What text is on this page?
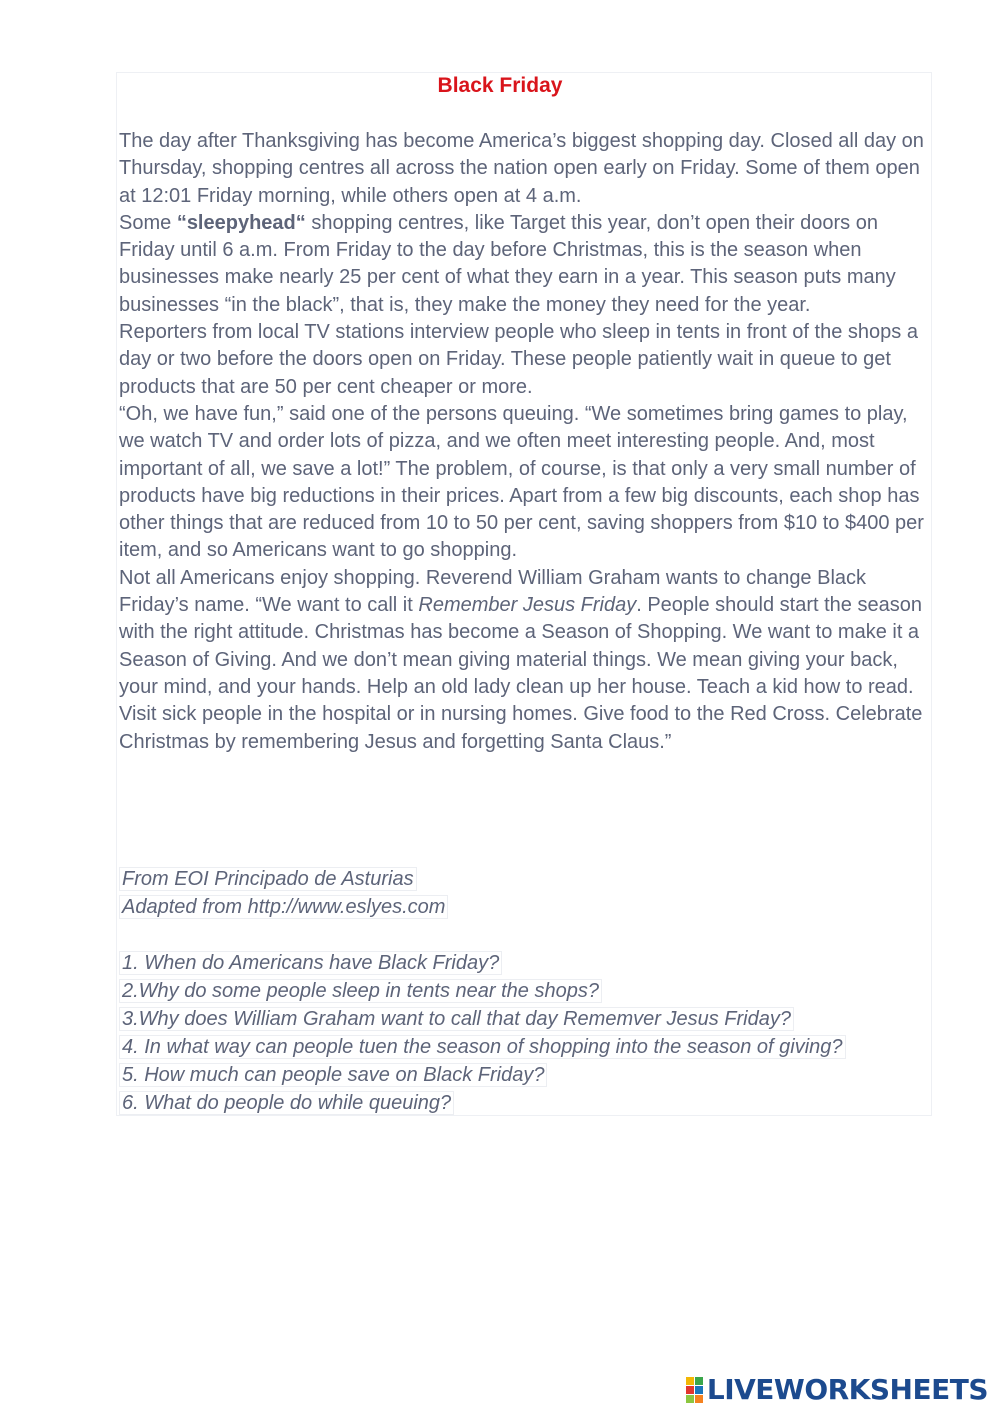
Black Friday

The day after Thanksgiving has become America’s biggest shopping day. Closed all day on Thursday, shopping centres all across the nation open early on Friday. Some of them open at 12:01 Friday morning, while others open at 4 a.m.

Some “sleepyhead“ shopping centres, like Target this year, don’t open their doors on Friday until 6 a.m. From Friday to the day before Christmas, this is the season when businesses make nearly 25 per cent of what they earn in a year. This season puts many businesses “in the black”, that is, they make the money they need for the year.

Reporters from local TV stations interview people who sleep in tents in front of the shops a day or two before the doors open on Friday. These people patiently wait in queue to get products that are 50 per cent cheaper or more.

“Oh, we have fun,” said one of the persons queuing. “We sometimes bring games to play, we watch TV and order lots of pizza, and we often meet interesting people. And, most important of all, we save a lot!” The problem, of course, is that only a very small number of products have big reductions in their prices. Apart from a few big discounts, each shop has other things that are reduced from 10 to 50 per cent, saving shoppers from $10 to $400 per item, and so Americans want to go shopping.

Not all Americans enjoy shopping. Reverend William Graham wants to change Black Friday’s name. “We want to call it Remember Jesus Friday. People should start the season with the right attitude. Christmas has become a Season of Shopping. We want to make it a Season of Giving. And we don’t mean giving material things. We mean giving your back, your mind, and your hands. Help an old lady clean up her house. Teach a kid how to read. Visit sick people in the hospital or in nursing homes. Give food to the Red Cross. Celebrate Christmas by remembering Jesus and forgetting Santa Claus.”

From EOI Principado de Asturias
Adapted from http://www.eslyes.com
1. When do Americans have Black Friday?
2.Why do some people sleep in tents near the shops?
3.Why does William Graham want to call that day Rememver Jesus Friday?
4. In what way can people tuen the season of shopping into the season of giving?
5. How much can people save on Black Friday?
6. What do people do while queuing?
LIVEWORKSHEETS
